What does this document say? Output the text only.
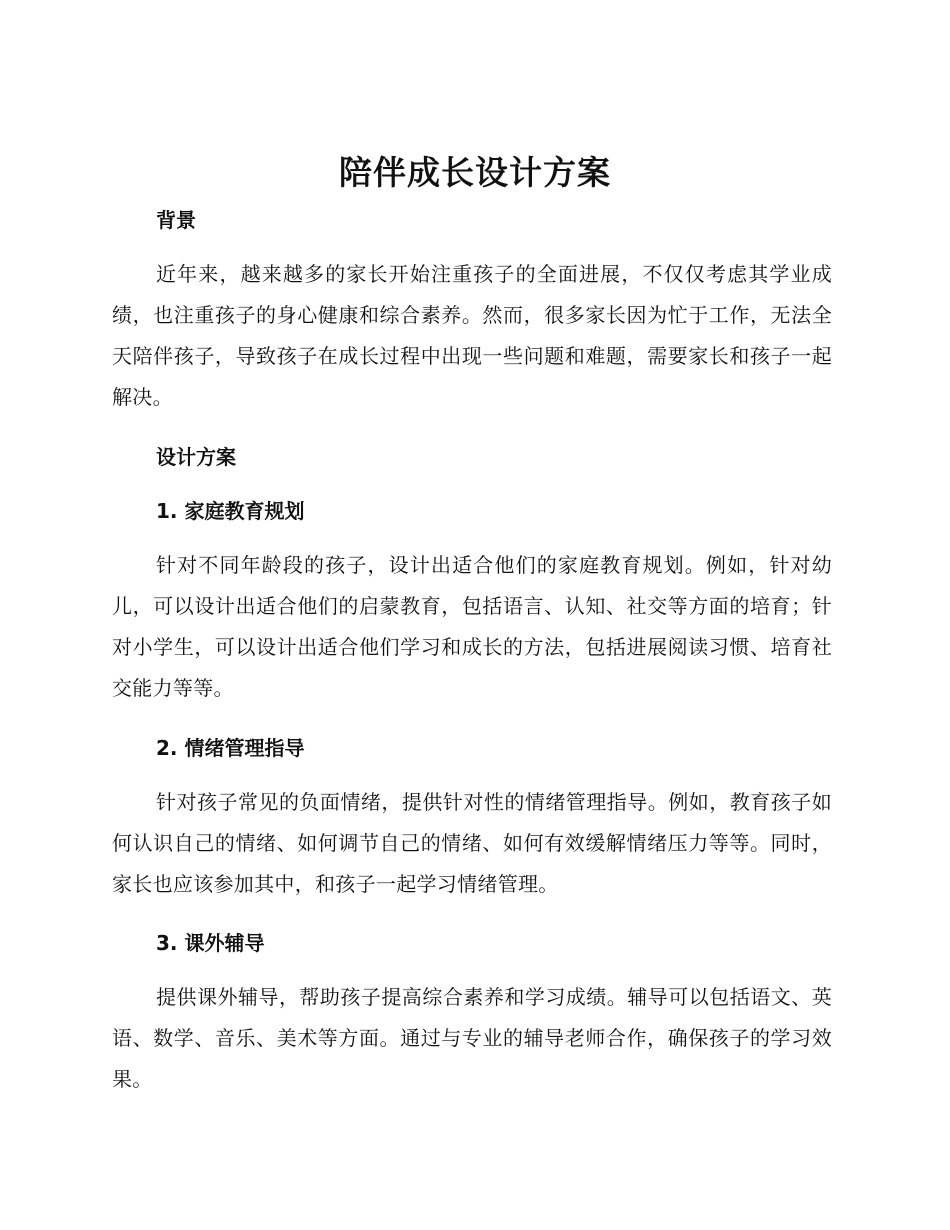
陪伴成长设计方案
背景

近年来，越来越多的家长开始注重孩子的全面进展，不仅仅考虑其学业成绩，也注重孩子的身心健康和综合素养。然而，很多家长因为忙于工作，无法全天陪伴孩子，导致孩子在成长过程中出现一些问题和难题，需要家长和孩子一起解决。

设计方案
1. 家庭教育规划

针对不同年龄段的孩子，设计出适合他们的家庭教育规划。例如，针对幼儿，可以设计出适合他们的启蒙教育，包括语言、认知、社交等方面的培育；针对小学生，可以设计出适合他们学习和成长的方法，包括进展阅读习惯、培育社交能力等等。

2. 情绪管理指导

针对孩子常见的负面情绪，提供针对性的情绪管理指导。例如，教育孩子如何认识自己的情绪、如何调节自己的情绪、如何有效缓解情绪压力等等。同时，家长也应该参加其中，和孩子一起学习情绪管理。

3. 课外辅导

提供课外辅导，帮助孩子提高综合素养和学习成绩。辅导可以包括语文、英语、数学、音乐、美术等方面。通过与专业的辅导老师合作，确保孩子的学习效果。
